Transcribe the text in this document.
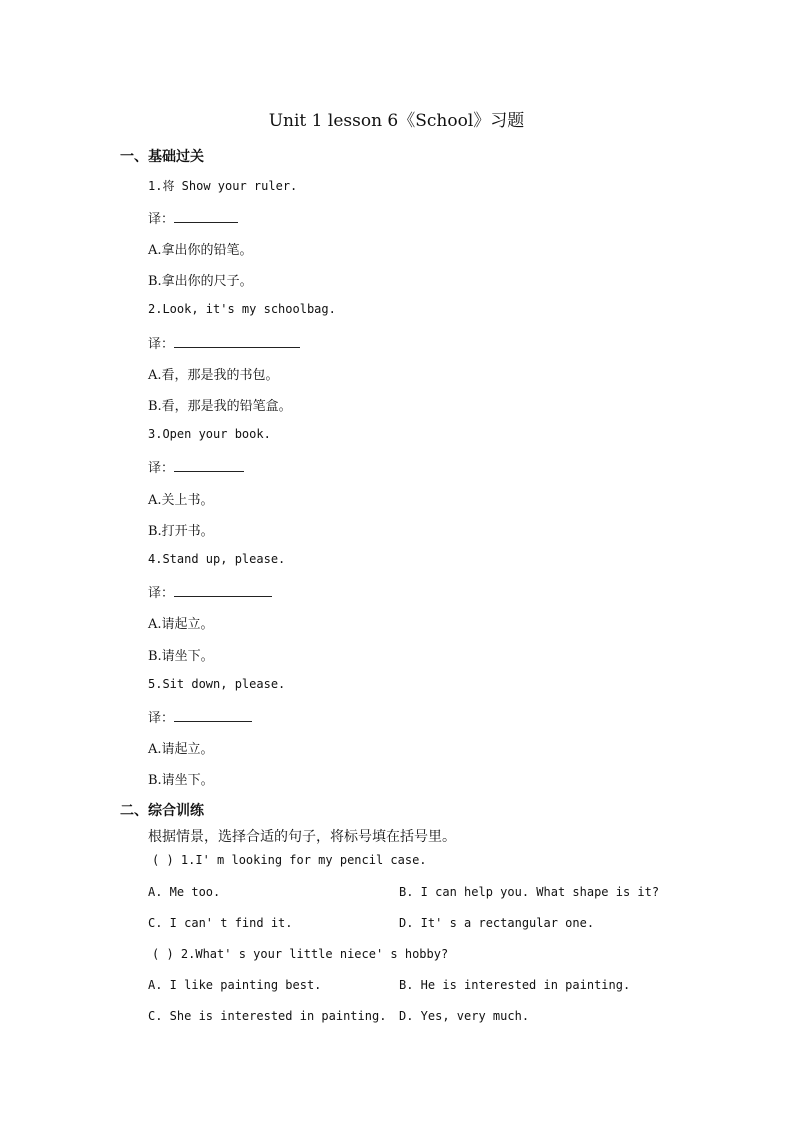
Unit 1 lesson 6《School》习题
一、基础过关
1.将 Show your ruler.
译：
A.拿出你的铅笔。
B.拿出你的尺子。
2.Look, it's my schoolbag.
译：
A.看，那是我的书包。
B.看，那是我的铅笔盒。
3.Open your book.
译：
A.关上书。
B.打开书。
4.Stand up, please.
译：
A.请起立。
B.请坐下。
5.Sit down, please.
译：
A.请起立。
B.请坐下。
二、综合训练
根据情景，选择合适的句子，将标号填在括号里。
( ) 1.I' m looking for my pencil case.
A. Me too.	B. I can help you. What shape is it?
C. I can' t find it.	D. It' s a rectangular one.
( ) 2.What' s your little niece' s hobby?
A. I like painting best.	B. He is interested in painting.
C. She is interested in painting. D. Yes, very much.
